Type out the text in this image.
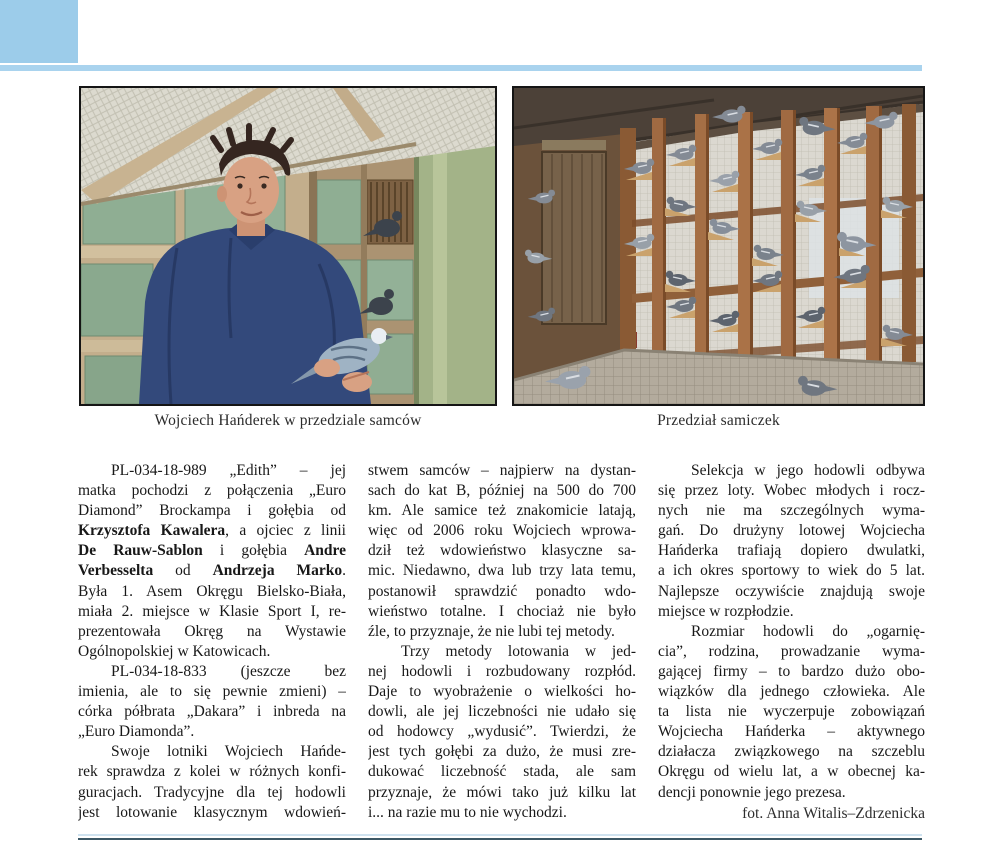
Wojciech Hańderek w przedziale samców	Przedział samiczek
PL-034-18-989 „Edith” – jej
matka pochodzi z połączenia „Euro
Diamond” Brockampa i gołębia od
Krzysztofa Kawalera, a ojciec z linii
De Rauw-Sablon i gołębia Andre
Verbesselta od Andrzeja Marko.
Była 1. Asem Okręgu Bielsko-Biała,
miała 2. miejsce w Klasie Sport I, re-
prezentowała Okręg na Wystawie
Ogólnopolskiej w Katowicach.
PL-034-18-833 (jeszcze bez
imienia, ale to się pewnie zmieni) –
córka półbrata „Dakara” i inbreda na
„Euro Diamonda”.
Swoje lotniki Wojciech Hańde-
rek sprawdza z kolei w różnych konfi-
guracjach. Tradycyjne dla tej hodowli
jest lotowanie klasycznym wdowień-
stwem samców – najpierw na dystan-
sach do kat B, później na 500 do 700
km. Ale samice też znakomicie latają,
więc od 2006 roku Wojciech wprowa-
dził też wdowieństwo klasyczne sa-
mic. Niedawno, dwa lub trzy lata temu,
postanowił sprawdzić ponadto wdo-
wieństwo totalne. I chociaż nie było
źle, to przyznaje, że nie lubi tej metody.
Trzy metody lotowania w jed-
nej hodowli i rozbudowany rozpłód.
Daje to wyobrażenie o wielkości ho-
dowli, ale jej liczebności nie udało się
od hodowcy „wydusić”. Twierdzi, że
jest tych gołębi za dużo, że musi zre-
dukować liczebność stada, ale sam
przyznaje, że mówi tako już kilku lat
i... na razie mu to nie wychodzi.
Selekcja w jego hodowli odbywa
się przez loty. Wobec młodych i rocz-
nych nie ma szczególnych wyma-
gań. Do drużyny lotowej Wojciecha
Hańderka trafiają dopiero dwulatki,
a ich okres sportowy to wiek do 5 lat.
Najlepsze oczywiście znajdują swoje
miejsce w rozpłodzie.
Rozmiar hodowli do „ogarnię-
cia”, rodzina, prowadzanie wyma-
gającej firmy – to bardzo dużo obo-
wiązków dla jednego człowieka. Ale
ta lista nie wyczerpuje zobowiązań
Wojciecha Hańderka – aktywnego
działacza związkowego na szczeblu
Okręgu od wielu lat, a w obecnej ka-
dencji ponownie jego prezesa.
fot. Anna Witalis–Zdrzenicka
